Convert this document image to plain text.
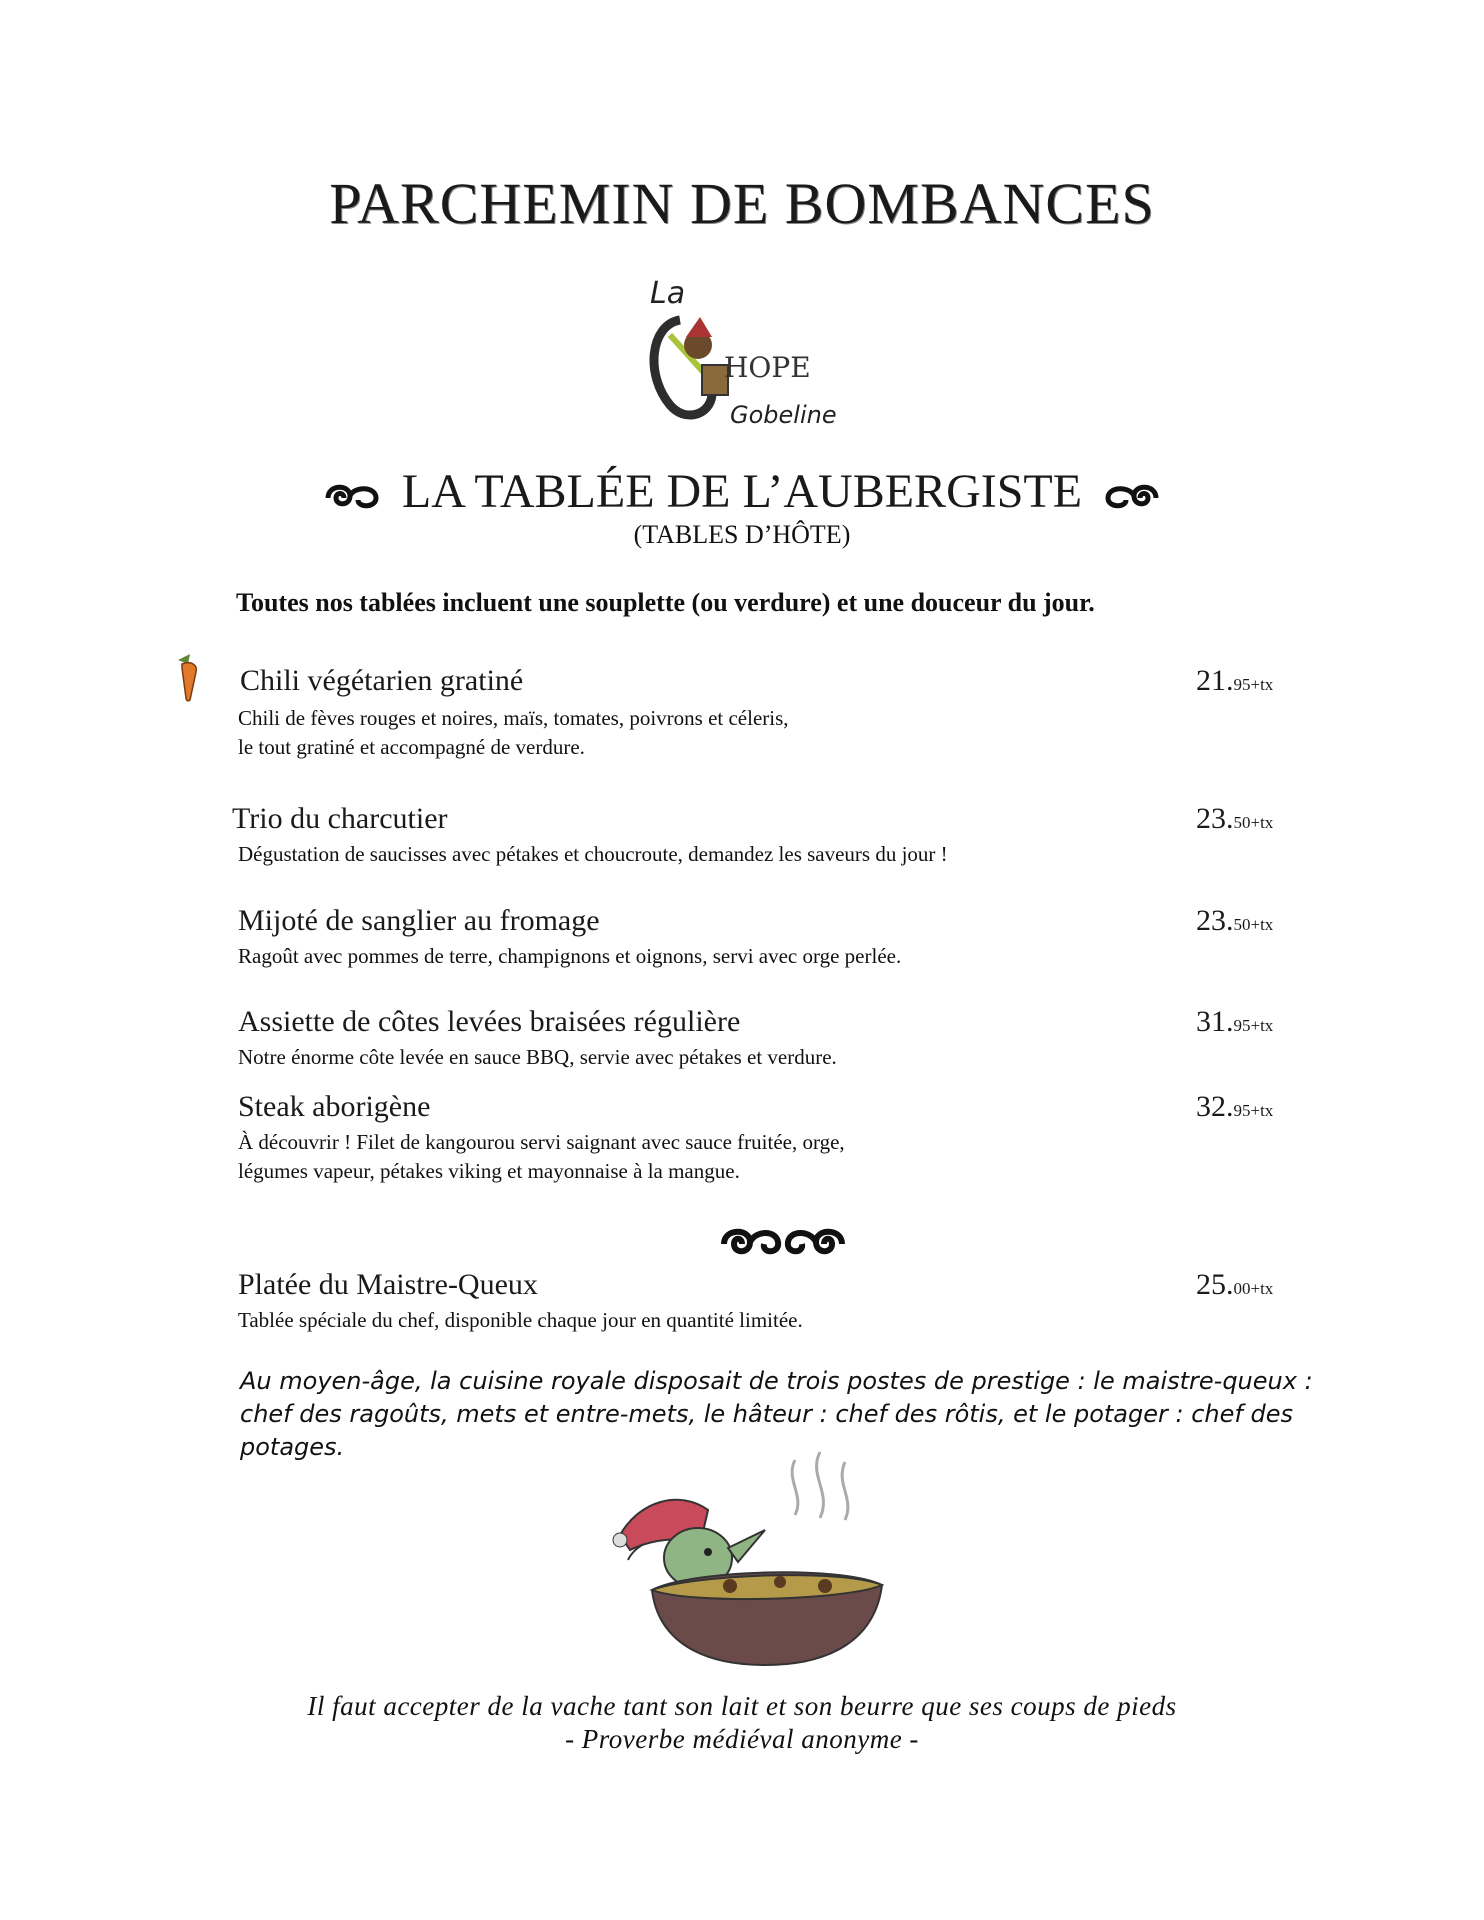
PARCHEMIN DE BOMBANCES
La
HOPE
Gobeline
LA TABLÉE DE L’AUBERGISTE
(TABLES D’HÔTE)
Toutes nos tablées incluent une souplette (ou verdure) et une douceur du jour.
Chili végétarien gratiné	21.95+tx
Chili de fèves rouges et noires, maïs, tomates, poivrons et céleris,
le tout gratiné et accompagné de verdure.
Trio du charcutier	23.50+tx
Dégustation de saucisses avec pétakes et choucroute, demandez les saveurs du jour !
Mijoté de sanglier au fromage	23.50+tx
Ragoût avec pommes de terre, champignons et oignons, servi avec orge perlée.
Assiette de côtes levées braisées régulière	31.95+tx
Notre énorme côte levée en sauce BBQ, servie avec pétakes et verdure.
Steak aborigène	32.95+tx
À découvrir ! Filet de kangourou servi saignant avec sauce fruitée, orge,
légumes vapeur, pétakes viking et mayonnaise à la mangue.
Platée du Maistre-Queux	25.00+tx
Tablée spéciale du chef, disponible chaque jour en quantité limitée.
Au moyen-âge, la cuisine royale disposait de trois postes de prestige : le maistre-queux : chef des ragoûts, mets et entre-mets, le hâteur : chef des rôtis, et le potager : chef des potages.
Il faut accepter de la vache tant son lait et son beurre que ses coups de pieds
- Proverbe médiéval anonyme -
